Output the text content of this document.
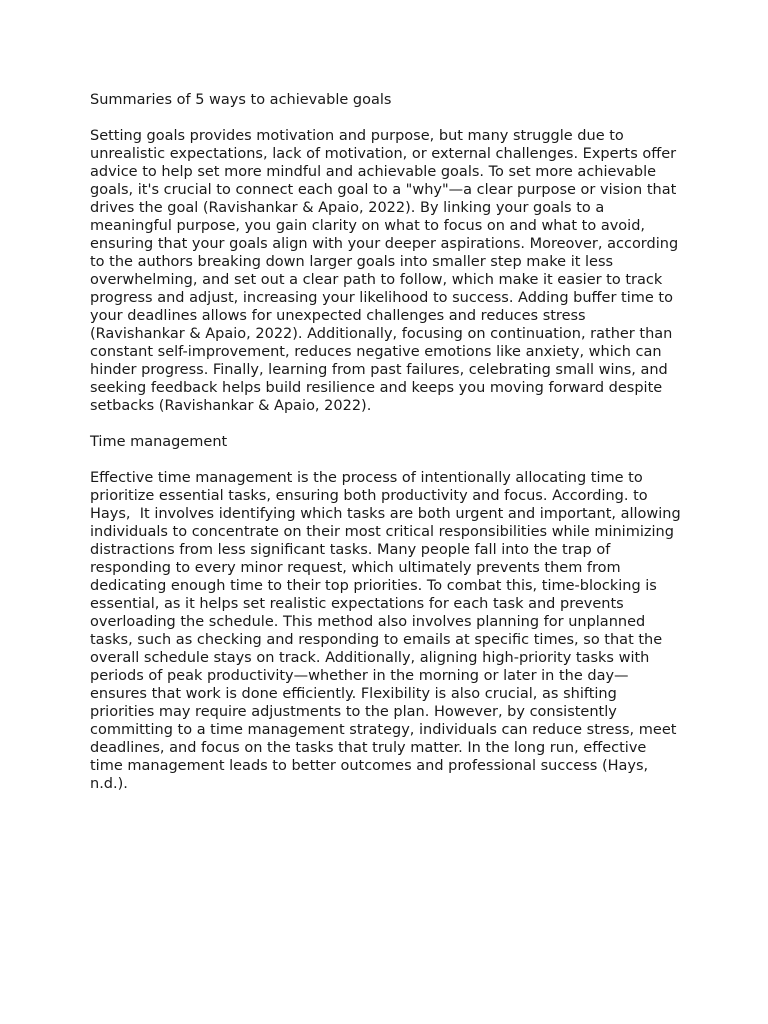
Summaries of 5 ways to achievable goals

Setting goals provides motivation and purpose, but many struggle due to unrealistic expectations, lack of motivation, or external challenges. Experts offer advice to help set more mindful and achievable goals. To set more achievable goals, it's crucial to connect each goal to a "why"—a clear purpose or vision that drives the goal (Ravishankar & Apaio, 2022). By linking your goals to a meaningful purpose, you gain clarity on what to focus on and what to avoid, ensuring that your goals align with your deeper aspirations. Moreover, according to the authors breaking down larger goals into smaller step make it less overwhelming, and set out a clear path to follow, which make it easier to track progress and adjust, increasing your likelihood to success. Adding buffer time to your deadlines allows for unexpected challenges and reduces stress (Ravishankar & Apaio, 2022). Additionally, focusing on continuation, rather than constant self-improvement, reduces negative emotions like anxiety, which can hinder progress. Finally, learning from past failures, celebrating small wins, and seeking feedback helps build resilience and keeps you moving forward despite setbacks (Ravishankar & Apaio, 2022).

Time management

Effective time management is the process of intentionally allocating time to prioritize essential tasks, ensuring both productivity and focus. According. to Hays,  It involves identifying which tasks are both urgent and important, allowing individuals to concentrate on their most critical responsibilities while minimizing distractions from less significant tasks. Many people fall into the trap of responding to every minor request, which ultimately prevents them from dedicating enough time to their top priorities. To combat this, time-blocking is essential, as it helps set realistic expectations for each task and prevents overloading the schedule. This method also involves planning for unplanned tasks, such as checking and responding to emails at specific times, so that the overall schedule stays on track. Additionally, aligning high-priority tasks with periods of peak productivity—whether in the morning or later in the day—ensures that work is done efficiently. Flexibility is also crucial, as shifting priorities may require adjustments to the plan. However, by consistently committing to a time management strategy, individuals can reduce stress, meet deadlines, and focus on the tasks that truly matter. In the long run, effective time management leads to better outcomes and professional success (Hays, n.d.).
